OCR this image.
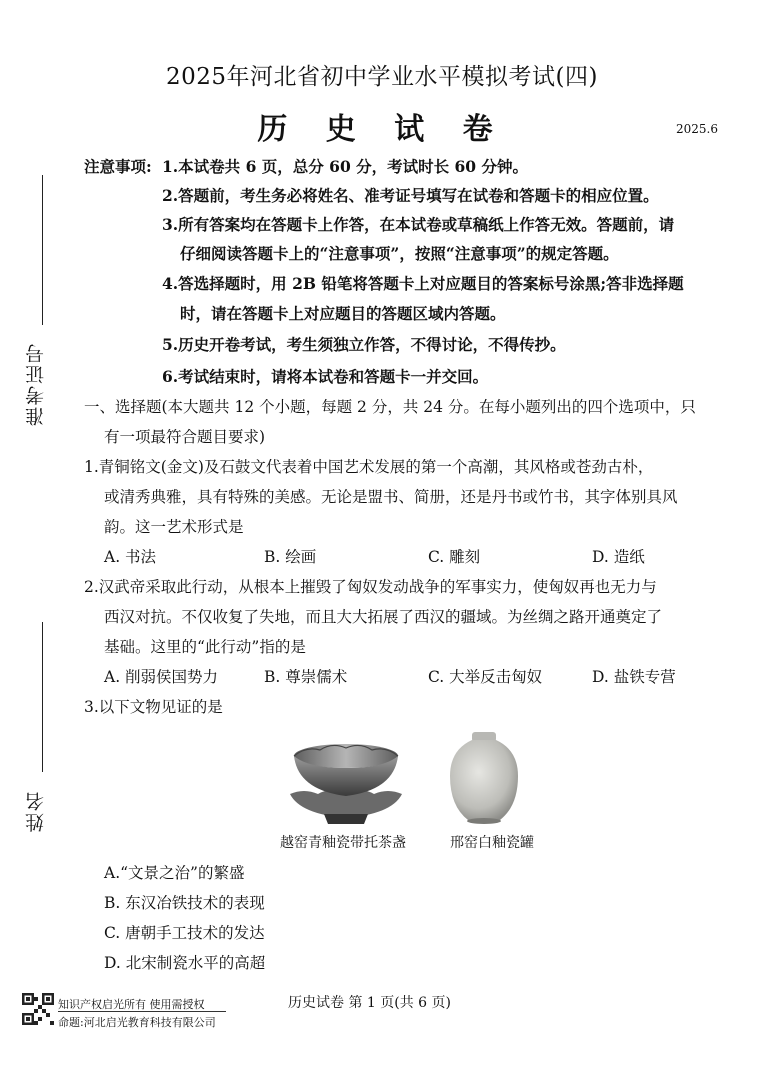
2025年河北省初中学业水平模拟考试(四)
历 史 试 卷	2025.6
准考证号
姓名
注意事项: 1.本试卷共 6 页，总分 60 分，考试时长 60 分钟。
2.答题前，考生务必将姓名、准考证号填写在试卷和答题卡的相应位置。
3.所有答案均在答题卡上作答，在本试卷或草稿纸上作答无效。答题前，请
仔细阅读答题卡上的“注意事项”，按照“注意事项”的规定答题。
4.答选择题时，用 2B 铅笔将答题卡上对应题目的答案标号涂黑;答非选择题
时，请在答题卡上对应题目的答题区域内答题。
5.历史开卷考试，考生须独立作答，不得讨论，不得传抄。
6.考试结束时，请将本试卷和答题卡一并交回。
一、选择题(本大题共 12 个小题，每题 2 分，共 24 分。在每小题列出的四个选项中，只
有一项最符合题目要求)
1.青铜铭文(金文)及石鼓文代表着中国艺术发展的第一个高潮，其风格或苍劲古朴，
或清秀典雅，具有特殊的美感。无论是盟书、简册，还是丹书或竹书，其字体别具风
韵。这一艺术形式是
A. 书法	B. 绘画	C. 雕刻	D. 造纸
2.汉武帝采取此行动，从根本上摧毁了匈奴发动战争的军事实力，使匈奴再也无力与
西汉对抗。不仅收复了失地，而且大大拓展了西汉的疆域。为丝绸之路开通奠定了
基础。这里的“此行动”指的是
A. 削弱侯国势力	B. 尊崇儒术	C. 大举反击匈奴	D. 盐铁专营
3.以下文物见证的是
越窑青釉瓷带托茶盏	邢窑白釉瓷罐
A.“文景之治”的繁盛
B. 东汉冶铁技术的表现
C. 唐朝手工技术的发达
D. 北宋制瓷水平的高超
知识产权启光所有 使用需授权
命题:河北启光教育科技有限公司
历史试卷 第 1 页(共 6 页)
